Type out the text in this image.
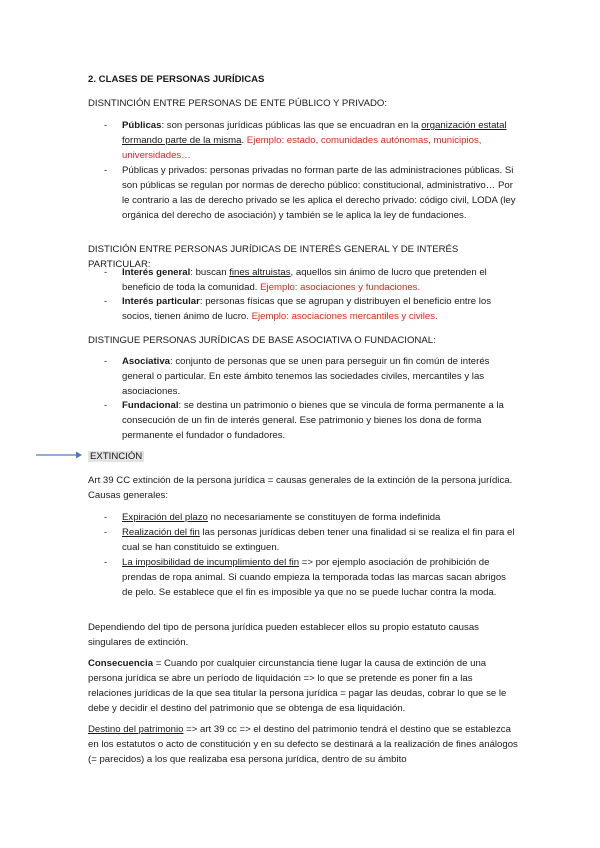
2. CLASES DE PERSONAS JURÍDICAS
DISNTINCIÓN ENTRE PERSONAS DE ENTE PÚBLICO Y PRIVADO:
- Públicas: son personas jurídicas públicas las que se encuadran en la organización estatal formando parte de la misma. Ejemplo: estado, comunidades autónomas, municipios, universidades…
- Públicas y privados: personas privadas no forman parte de las administraciones públicas. Si son públicas se regulan por normas de derecho público: constitucional, administrativo… Por le contrario a las de derecho privado se les aplica el derecho privado: código civil, LODA (ley orgánica del derecho de asociación) y también se le aplica la ley de fundaciones.
DISTICIÓN ENTRE PERSONAS JURÍDICAS DE INTERÉS GENERAL Y DE INTERÉS PARTICULAR:
- Interés general: buscan fines altruistas, aquellos sin ánimo de lucro que pretenden el beneficio de toda la comunidad. Ejemplo: asociaciones y fundaciones.
- Interés particular: personas físicas que se agrupan y distribuyen el beneficio entre los socios, tienen ánimo de lucro. Ejemplo: asociaciones mercantiles y civiles.
DISTINGUE PERSONAS JURÍDICAS DE BASE ASOCIATIVA O FUNDACIONAL:
- Asociativa: conjunto de personas que se unen para perseguir un fin común de interés general o particular. En este ámbito tenemos las sociedades civiles, mercantiles y las asociaciones.
- Fundacional: se destina un patrimonio o bienes que se vincula de forma permanente a la consecución de un fin de interés general. Ese patrimonio y bienes los dona de forma permanente el fundador o fundadores.
EXTINCIÓN
Art 39 CC extinción de la persona jurídica = causas generales de la extinción de la persona jurídica. Causas generales:
- Expiración del plazo no necesariamente se constituyen de forma indefinida
- Realización del fin las personas jurídicas deben tener una finalidad si se realiza el fin para el cual se han constituido se extinguen.
- La imposibilidad de incumplimiento del fin => por ejemplo asociación de prohibición de prendas de ropa animal. Si cuando empieza la temporada todas las marcas sacan abrigos de pelo. Se establece que el fin es imposible ya que no se puede luchar contra la moda.
Dependiendo del tipo de persona jurídica pueden establecer ellos su propio estatuto causas singulares de extinción.
Consecuencia = Cuando por cualquier circunstancia tiene lugar la causa de extinción de una persona jurídica se abre un período de liquidación => lo que se pretende es poner fin a las relaciones jurídicas de la que sea titular la persona jurídica = pagar las deudas, cobrar lo que se le debe y decidir el destino del patrimonio que se obtenga de esa liquidación.
Destino del patrimonio => art 39 cc => el destino del patrimonio tendrá el destino que se establezca en los estatutos o acto de constitución y en su defecto se destinará a la realización de fines análogos (= parecidos) a los que realizaba esa persona jurídica, dentro de su ámbito
